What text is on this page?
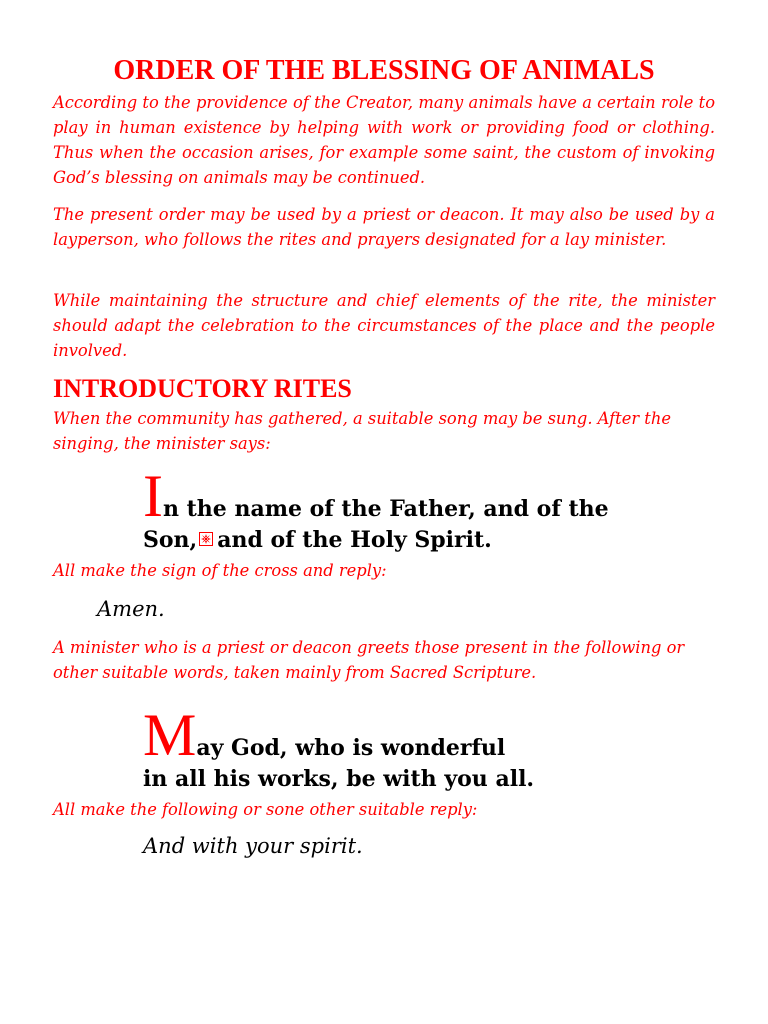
ORDER OF THE BLESSING OF ANIMALS

According to the providence of the Creator, many animals have a certain role to play in human existence by helping with work or providing food or clothing. Thus when the occasion arises, for example some saint, the custom of invoking God’s blessing on animals may be continued.

The present order may be used by a priest or deacon. It may also be used by a layperson, who follows the rites and prayers designated for a lay minister.

While maintaining the structure and chief elements of the rite, the minister should adapt the celebration to the circumstances of the place and the people involved.

INTRODUCTORY RITES

When the community has gathered, a suitable song may be sung. After the singing, the minister says:

In the name of the Father, and of the
Son, and of the Holy Spirit.

All make the sign of the cross and reply:

Amen.

A minister who is a priest or deacon greets those present in the following or other suitable words, taken mainly from Sacred Scripture.

May God, who is wonderful
in all his works, be with you all.

All make the following or sone other suitable reply:

And with your spirit.
